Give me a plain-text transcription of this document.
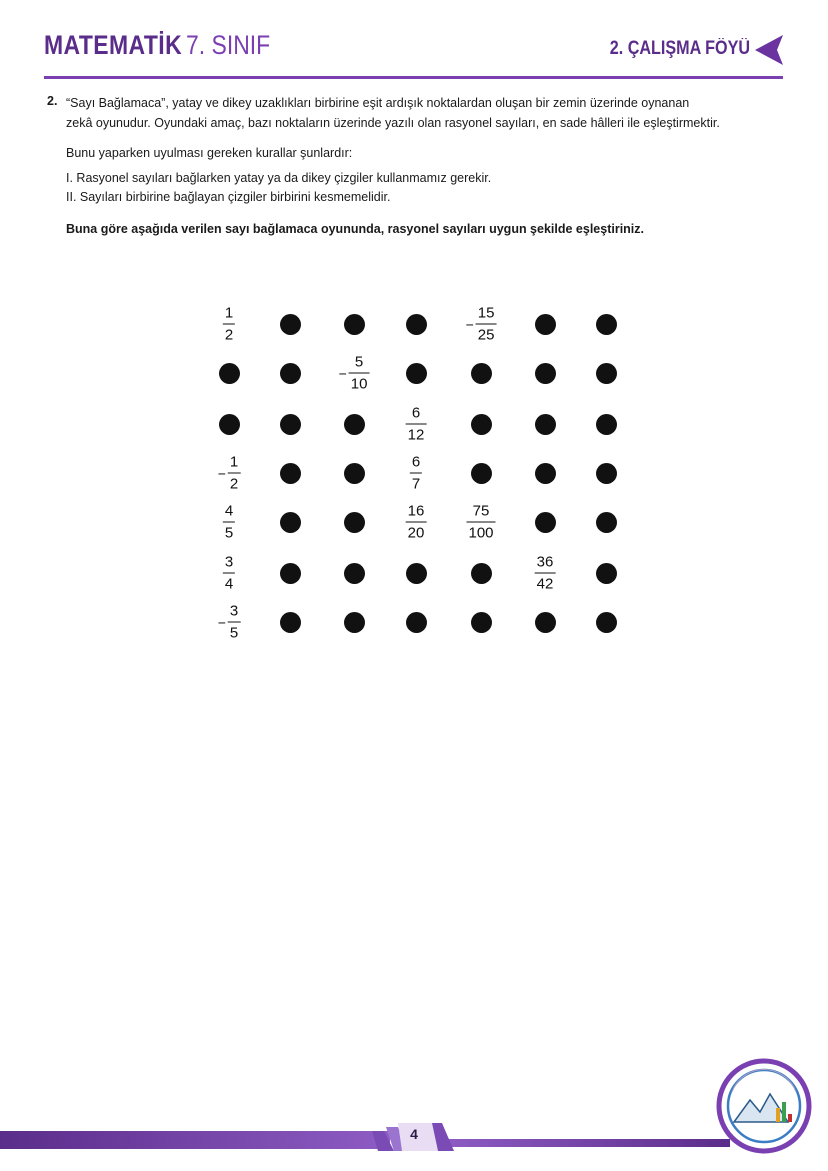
MATEMATİK 7. SINIF	2. ÇALIŞMA FÖYÜ
2. “Sayı Bağlamaca”, yatay ve dikey uzaklıkları birbirine eşit ardışık noktalardan oluşan bir zemin üzerinde oynanan

zekâ oyunudur. Oyundaki amaç, bazı noktaların üzerinde yazılı olan rasyonel sayıları, en sade hâlleri ile eşleştirmektir.

Bunu yaparken uyulması gereken kurallar şunlardır:
I. Rasyonel sayıları bağlarken yatay ya da dikey çizgiler kullanmamız gerekir.
II. Sayıları birbirine bağlayan çizgiler birbirini kesmemelidir.
Buna göre aşağıda verilen sayı bağlamaca oyununda, rasyonel sayıları uygun şekilde eşleştiriniz.
$\frac{1}{2}$	− $\frac{15}{25}$
− $\frac{5}{10}$
$\frac{6}{12}$
− $\frac{1}{2}$	$\frac{6}{7}$
$\frac{4}{5}$	$\frac{16}{20}$	$\frac{75}{100}$
$\frac{3}{4}$	$\frac{36}{42}$
− $\frac{3}{5}$
4
